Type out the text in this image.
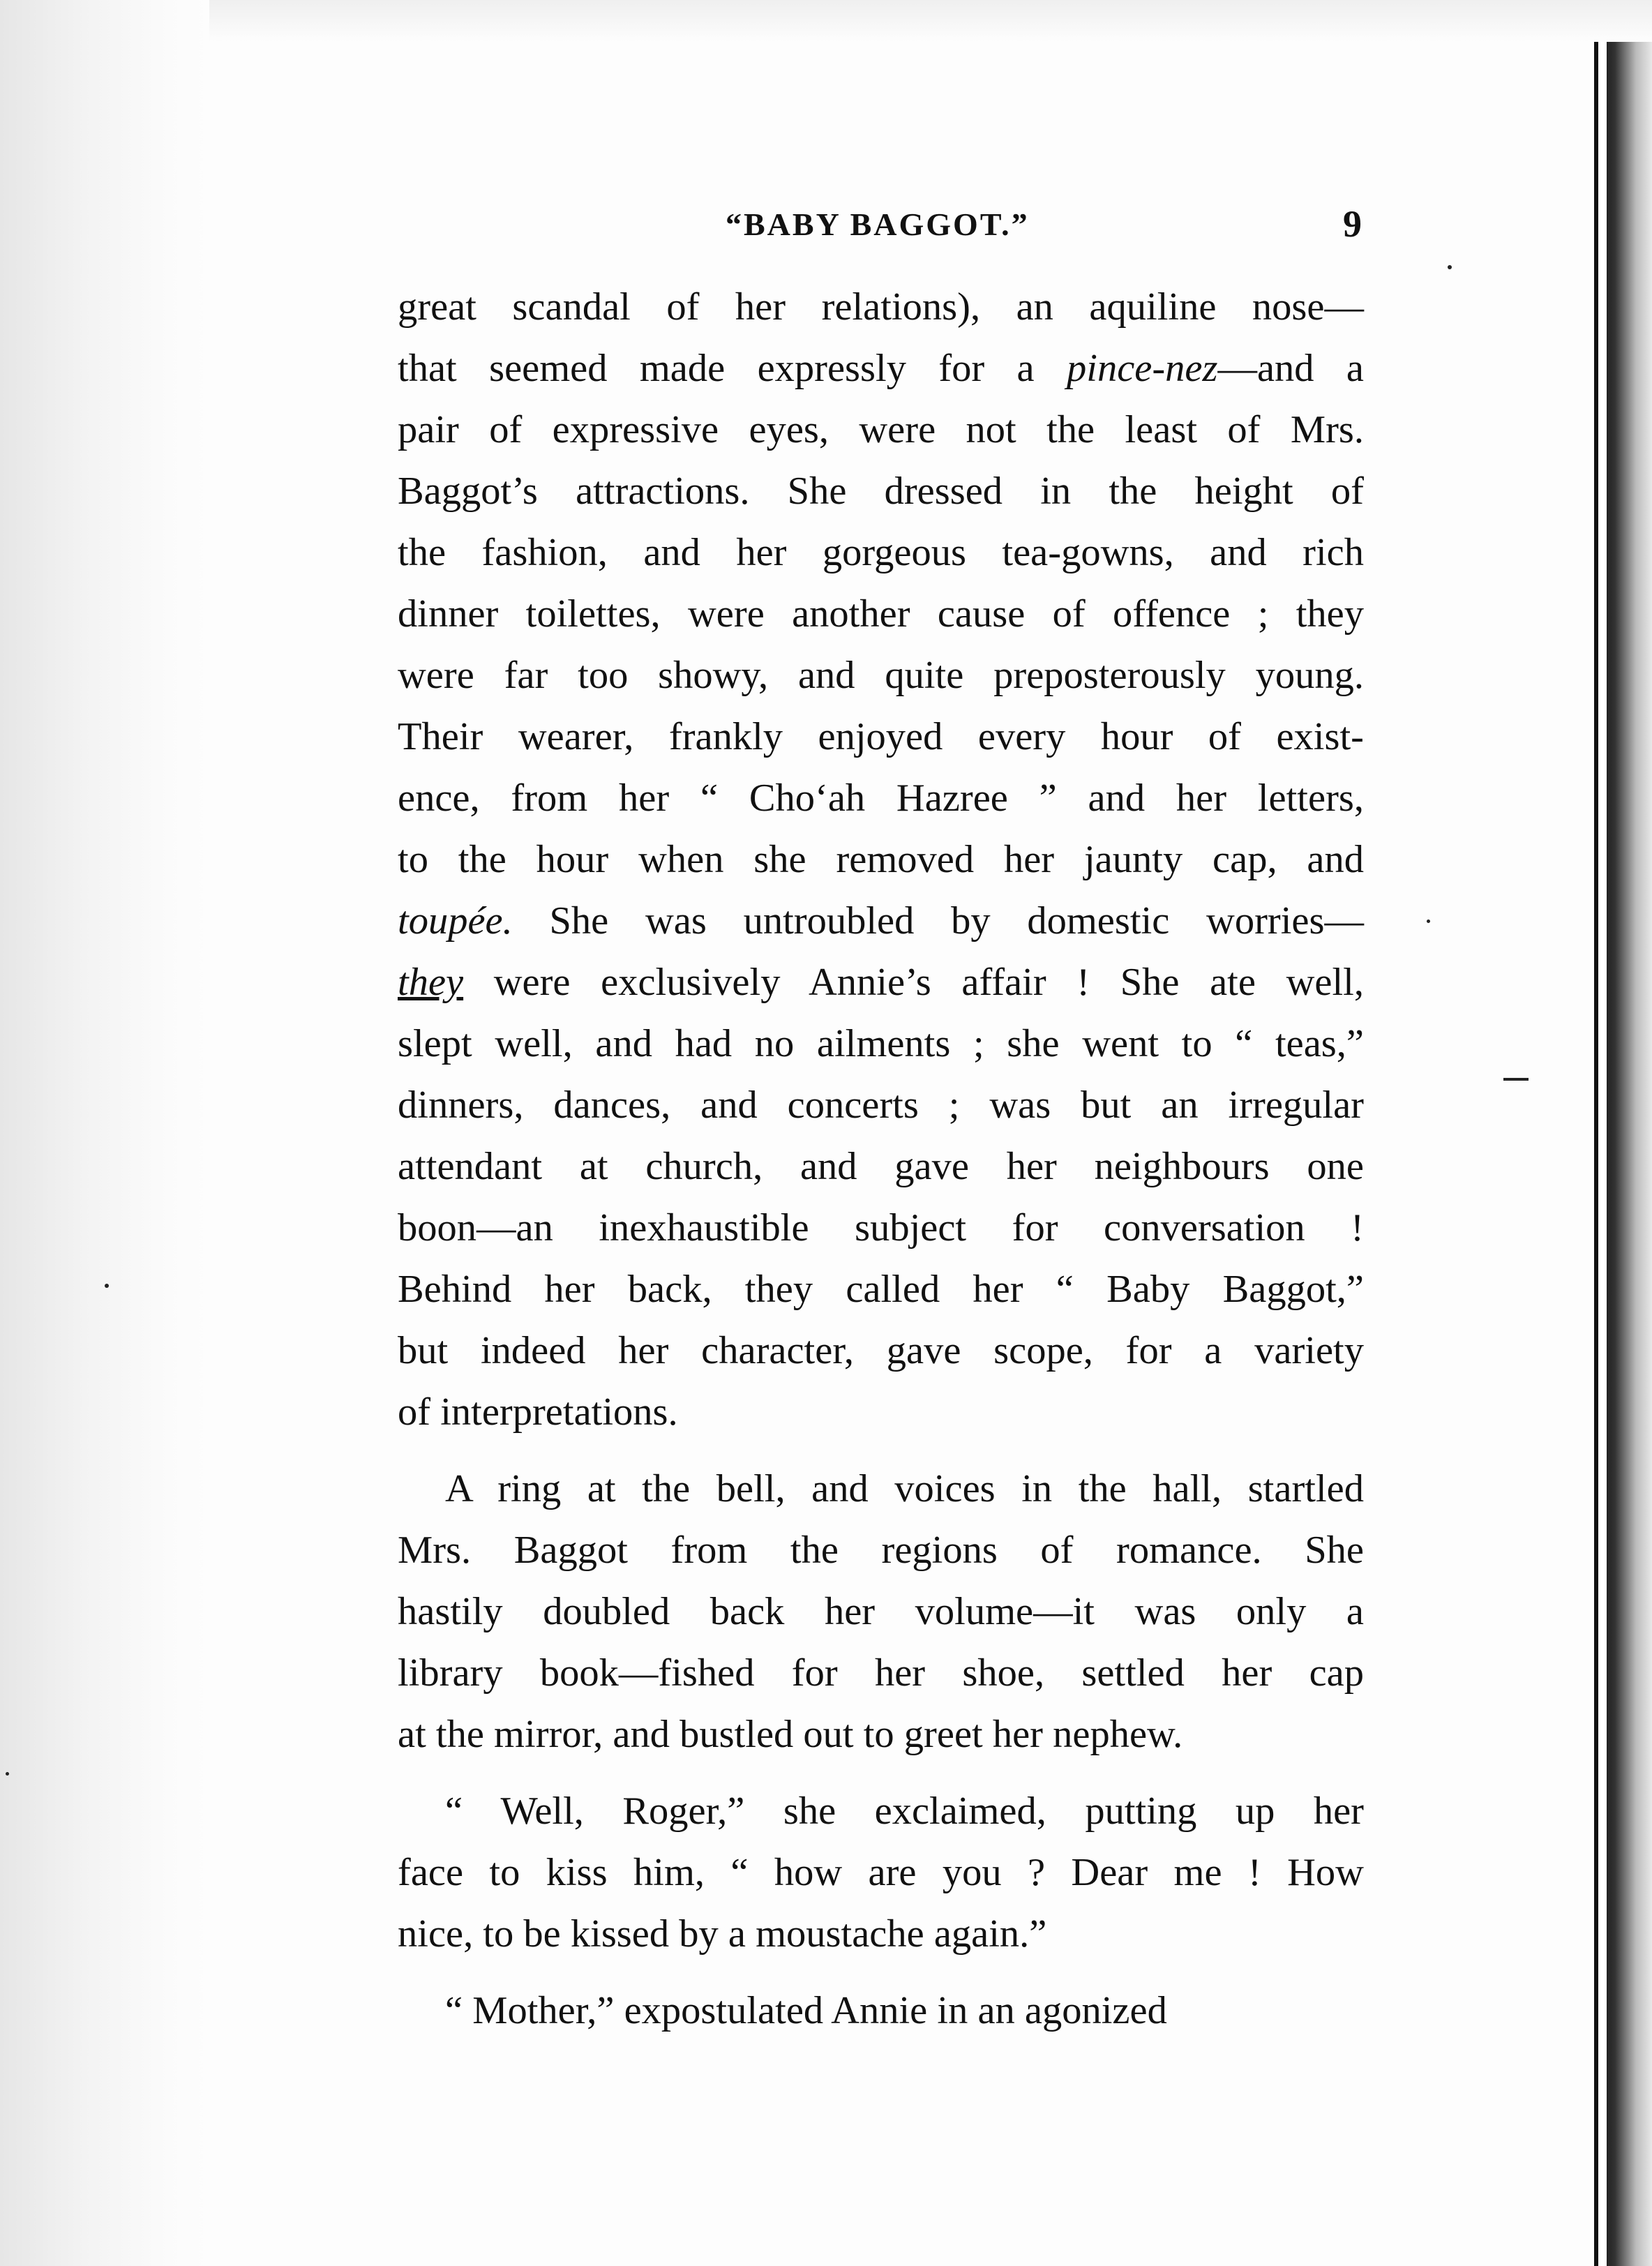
“BABY BAGGOT.”	9
great scandal of her relations), an aquiline nose—
that seemed made expressly for a pince-nez—and a
pair of expressive eyes, were not the least of Mrs.
Baggot’s attractions. She dressed in the height of
the fashion, and her gorgeous tea-gowns, and rich
dinner toilettes, were another cause of offence ; they
were far too showy, and quite preposterously young.
Their wearer, frankly enjoyed every hour of exist-
ence, from her “ Cho‘ah Hazree ” and her letters,
to the hour when she removed her jaunty cap, and
toupée. She was untroubled by domestic worries—
they were exclusively Annie’s affair ! She ate well,
slept well, and had no ailments ; she went to “ teas,”
dinners, dances, and concerts ; was but an irregular
attendant at church, and gave her neighbours one
boon—an inexhaustible subject for conversation !
Behind her back, they called her “ Baby Baggot,”
but indeed her character, gave scope, for a variety
of interpretations.
A ring at the bell, and voices in the hall, startled
Mrs. Baggot from the regions of romance. She
hastily doubled back her volume—it was only a
library book—fished for her shoe, settled her cap
at the mirror, and bustled out to greet her nephew.
“ Well, Roger,” she exclaimed, putting up her
face to kiss him, “ how are you ? Dear me ! How
nice, to be kissed by a moustache again.”
“ Mother,” expostulated Annie in an agonized
